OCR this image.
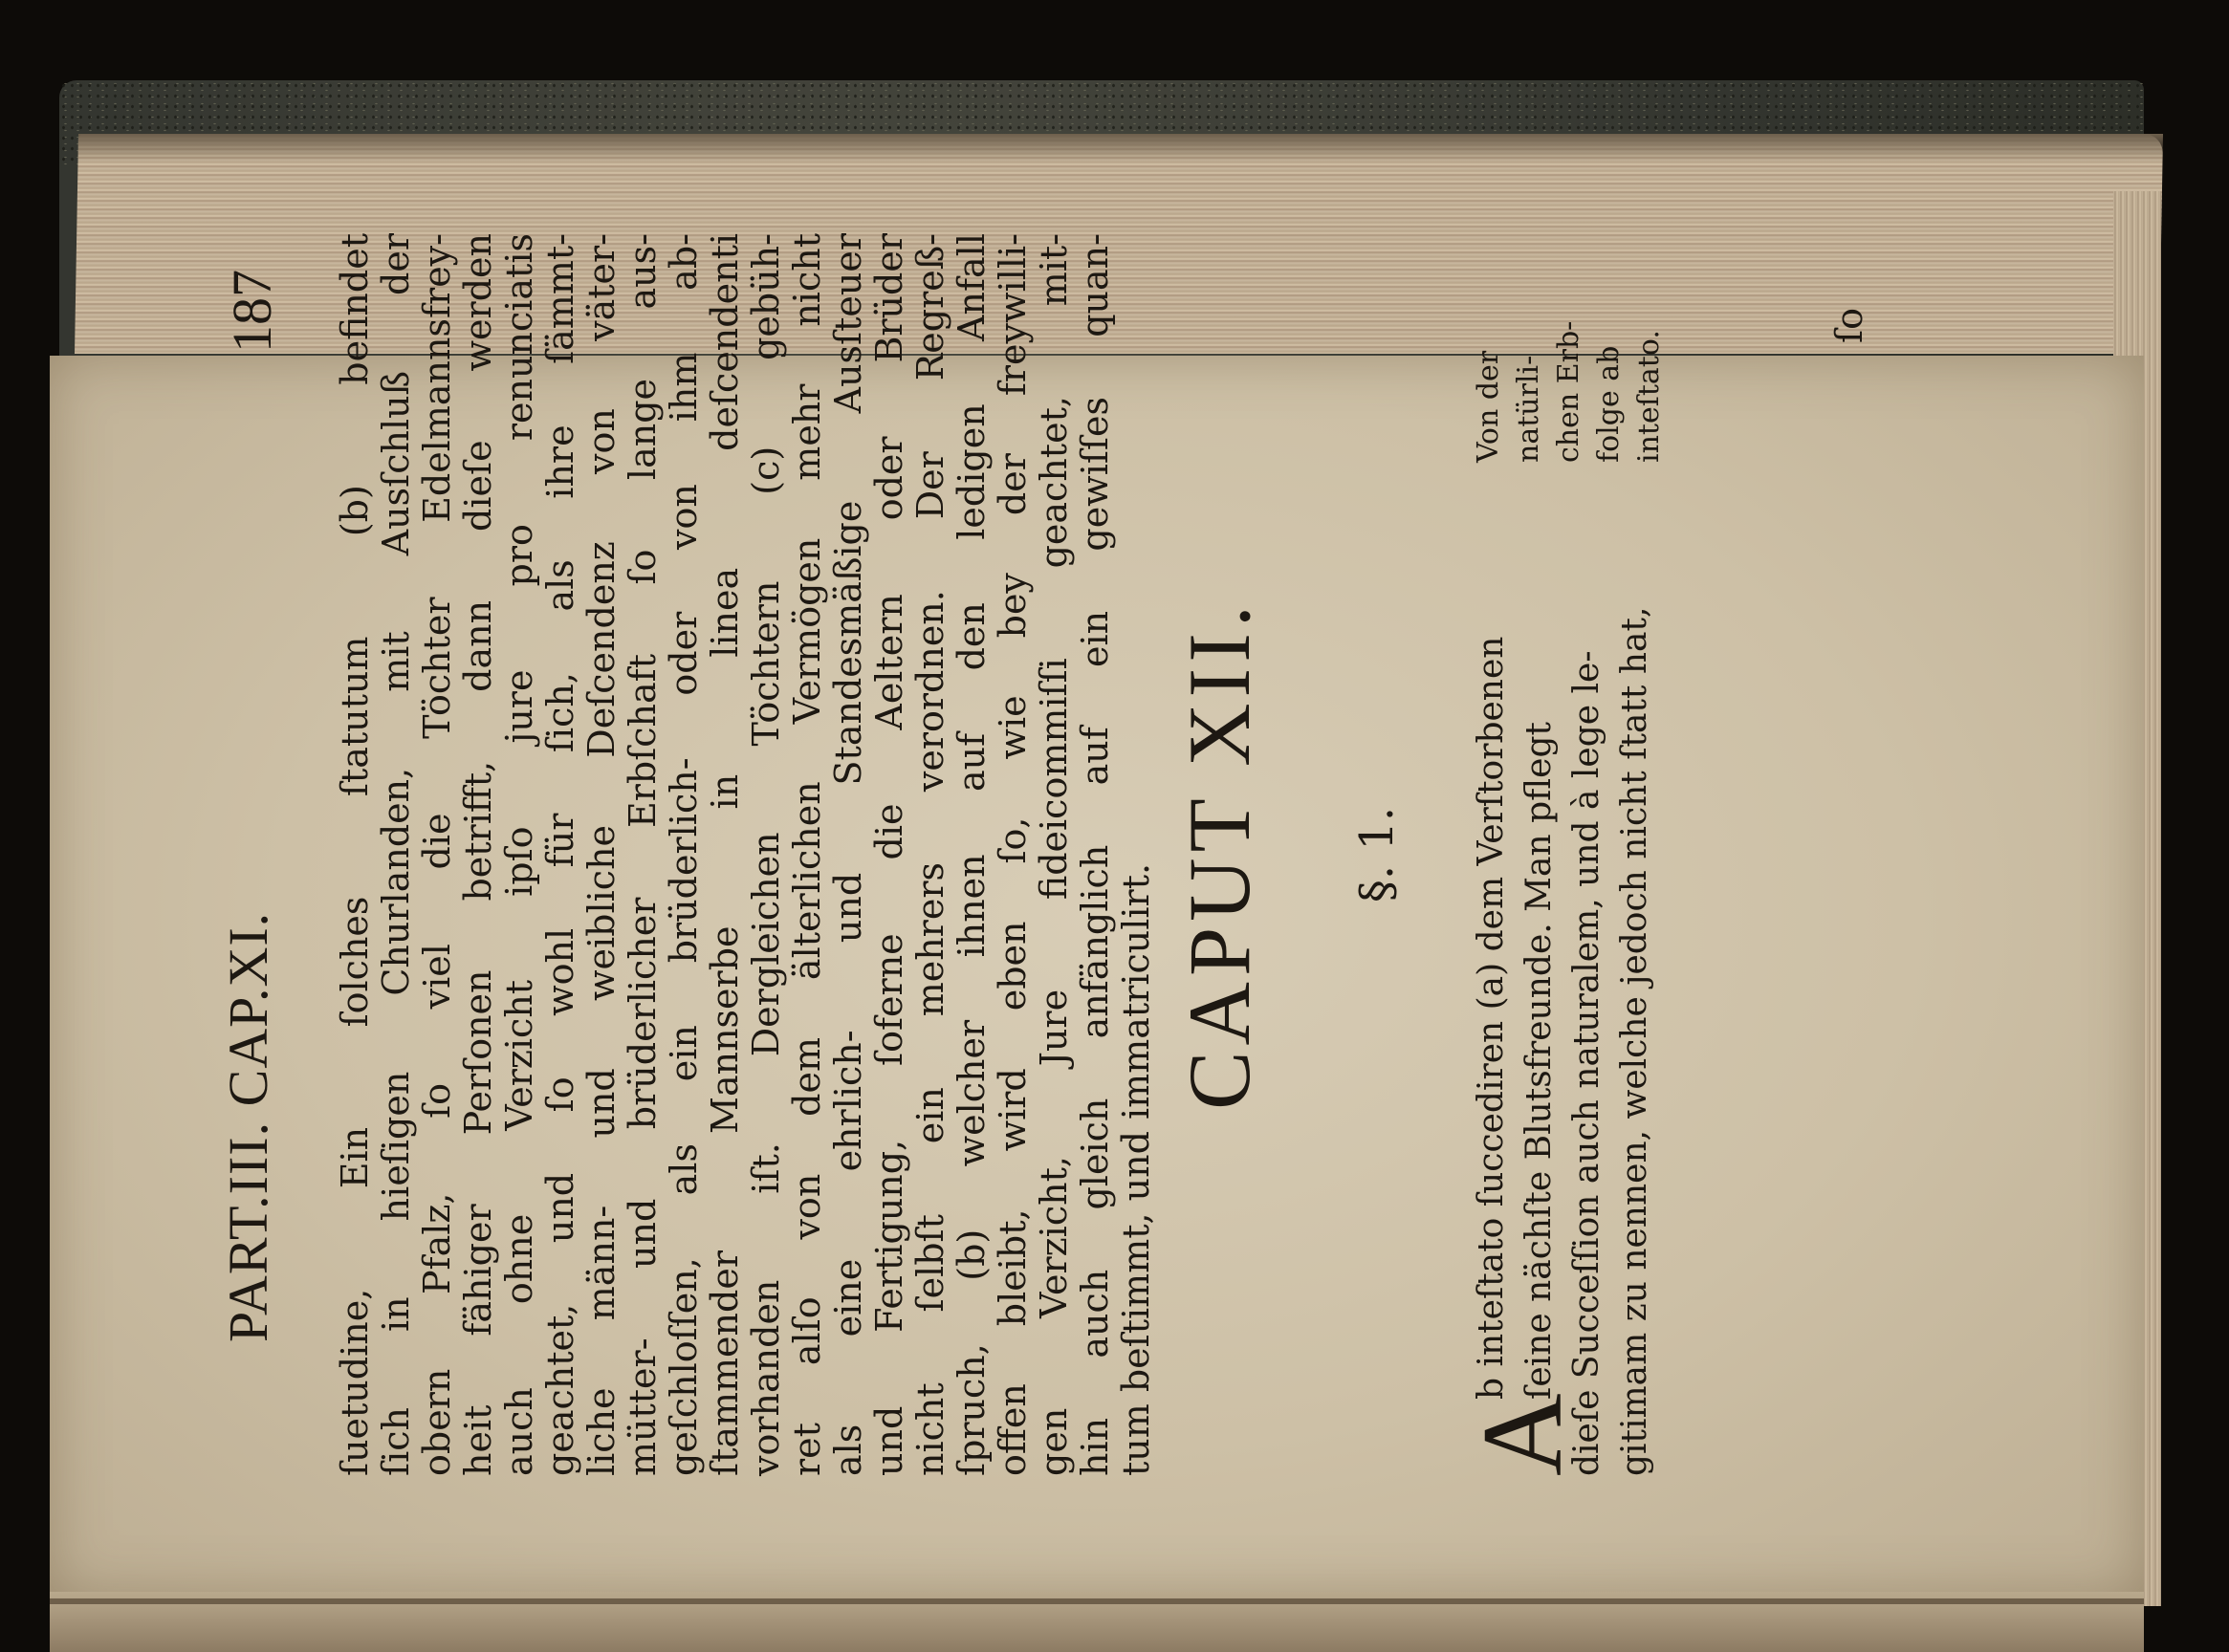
PART.III. CAP.XI.
187 ſuetudine, Ein ſolches ſtatutum (b) befindet ſich in hieſigen Churlanden, mit Ausſchluß der obern Pfalz, ſo viel die Töchter Edelmannsfrey- heit fähiger Perſonen betrifft, dann dieſe werden auch ohne Verzicht ipſo jure pro renunciatis geachtet, und ſo wohl für ſich, als ihre ſämmt- liche männ- und weibliche Deſcendenz von väter- mütter- und brüderlicher Erbſchaft ſo lange aus- geſchloſſen, als ein brüderlich- oder von ihm ab- ſtammender Mannserbe in linea deſcendenti vorhanden iſt. Dergleichen Töchtern (c) gebüh- ret alſo von dem älterlichen Vermögen mehr nicht als eine ehrlich- und Standesmäßige Ausſteuer und Fertigung, ſoferne die Aeltern oder Brüder nicht ſelbſt ein mehrers verordnen. Der Regreß- ſpruch, (b) welcher ihnen auf den ledigen Anfall offen bleibt, wird eben ſo, wie bey der freywilli- gen Verzicht, Jure fideicommiſſi geachtet, mit- hin auch gleich anfänglich auf ein gewiſſes quan- tum beſtimmt, und immatriculirt.
CAPUT XII. §. 1.
A
b inteſtato ſuccediren (a) dem Verſtorbenen ſeine nächſte Blutsfreunde. Man pflegt dieſe Succeſſion auch naturalem, und à lege le- gitimam zu nennen, welche jedoch nicht ſtatt hat,
Von der natürli- chen Erb- folge ab inteſtato.
ſo
